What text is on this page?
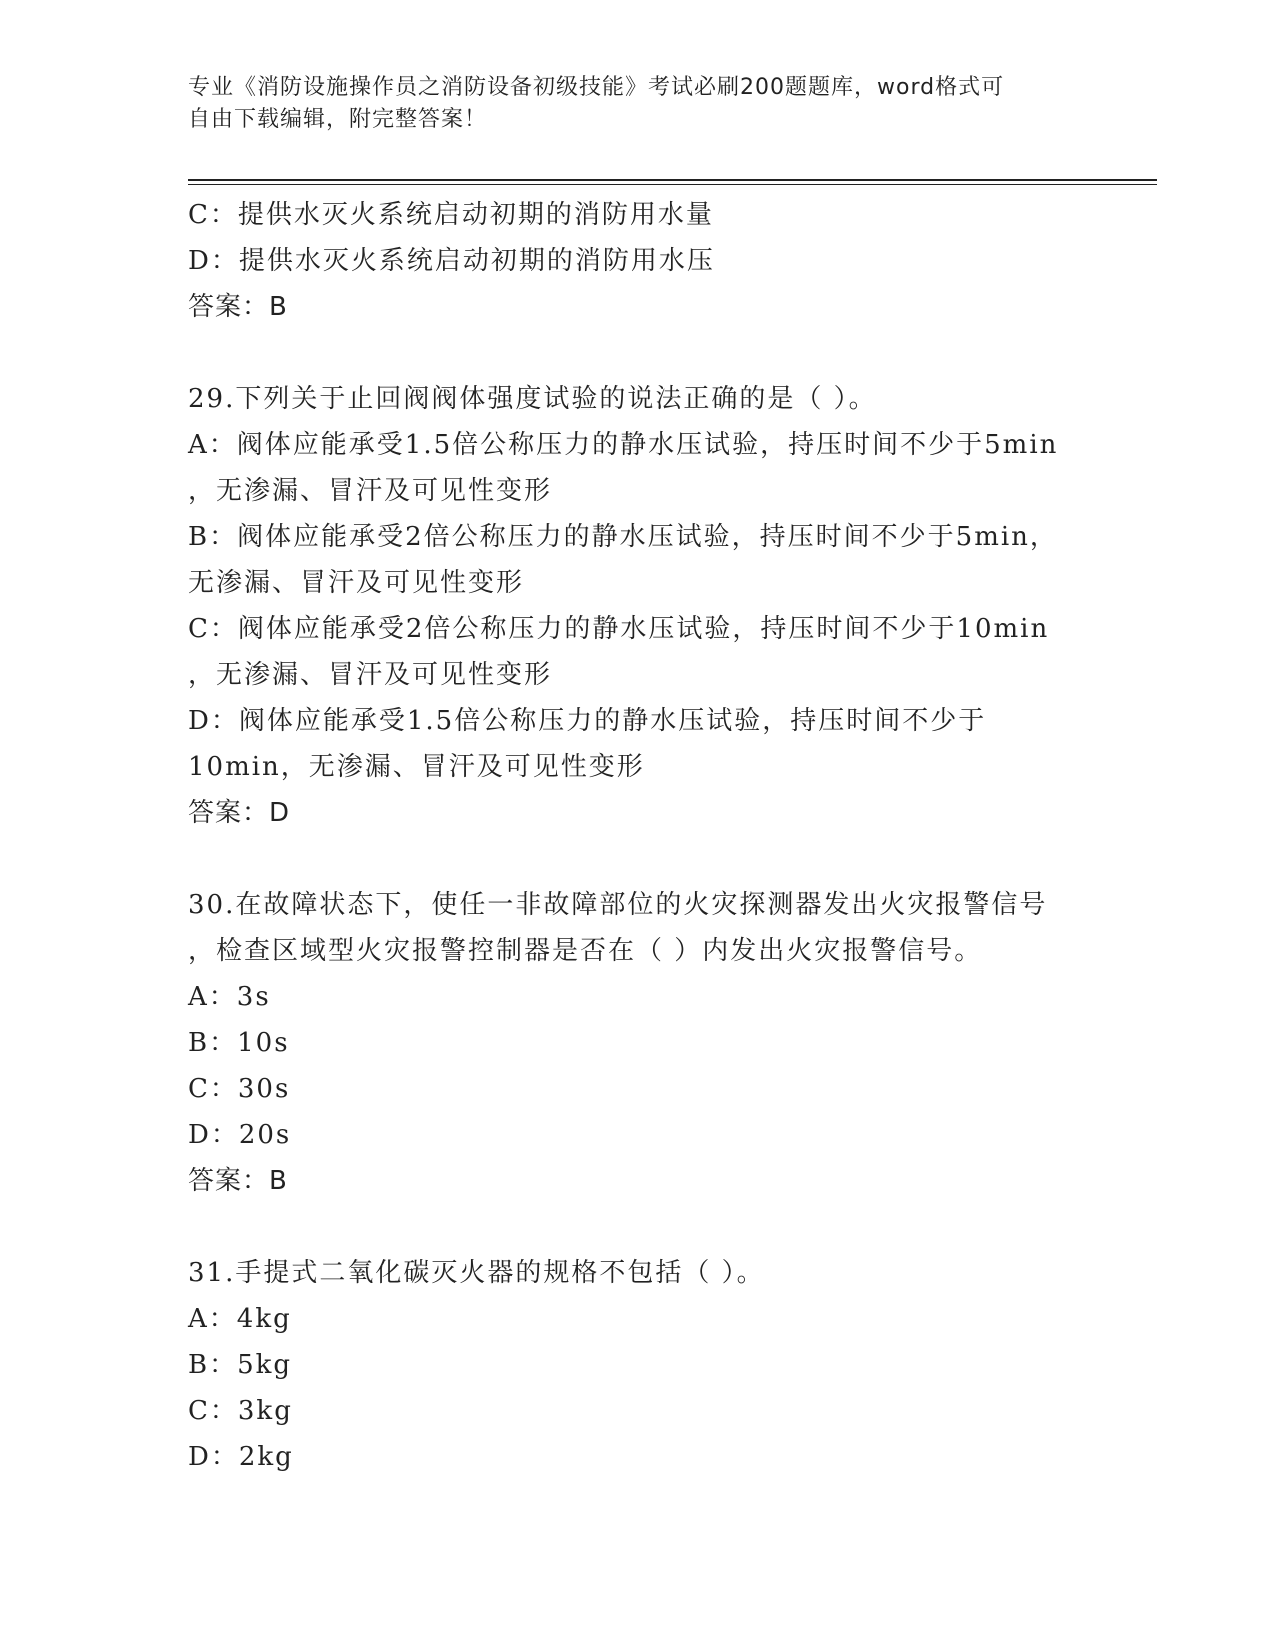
专业《消防设施操作员之消防设备初级技能》考试必刷200题题库，word格式可
自由下载编辑，附完整答案！
C：提供水灭火系统启动初期的消防用水量
D：提供水灭火系统启动初期的消防用水压
答案：B
29.下列关于止回阀阀体强度试验的说法正确的是（ ）。
A：阀体应能承受1.5倍公称压力的静水压试验，持压时间不少于5min
，无渗漏、冒汗及可见性变形
B：阀体应能承受2倍公称压力的静水压试验，持压时间不少于5min，
无渗漏、冒汗及可见性变形
C：阀体应能承受2倍公称压力的静水压试验，持压时间不少于10min
，无渗漏、冒汗及可见性变形
D：阀体应能承受1.5倍公称压力的静水压试验，持压时间不少于
10min，无渗漏、冒汗及可见性变形
答案：D
30.在故障状态下，使任一非故障部位的火灾探测器发出火灾报警信号
，检查区域型火灾报警控制器是否在（ ）内发出火灾报警信号。
A：3s
B：10s
C：30s
D：20s
答案：B
31.手提式二氧化碳灭火器的规格不包括（ ）。
A：4kg
B：5kg
C：3kg
D：2kg
